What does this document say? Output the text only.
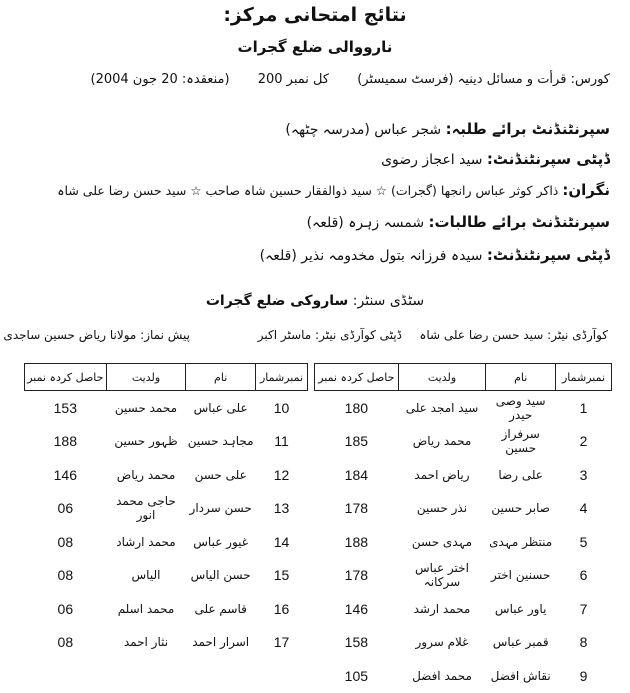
نتائج امتحانی مرکز:
نارووالی ضلع گجرات
کورس: قرأت و مسائل دینیہ (فرسٹ سمیسٹر) کل نمبر 200 (منعقدہ: 20 جون 2004)
سپرنٹنڈنٹ برائے طلبہ: شجر عباس (مدرسہ چٹھہ)
ڈپٹی سپرنٹنڈنٹ: سید اعجاز رضوی
نگران: ذاکر کوثر عباس رانجھا (گجرات) ☆ سید ذوالفقار حسین شاہ صاحب ☆ سید حسن رضا علی شاہ
سپرنٹنڈنٹ برائے طالبات: شمسہ زہرہ (قلعہ)
ڈپٹی سپرنٹنڈنٹ: سیدہ فرزانہ بتول مخدومہ نذیر (قلعہ)
سٹڈی سنٹر: ساروکی ضلع گجرات
کوآرڈی نیٹر: سید حسن رضا علی شاہ
ڈپٹی کوآرڈی نیٹر: ماسٹر اکبر
پیش نماز: مولانا ریاض حسین ساجدی
نمبرشمار	نام	ولدیت	حاصل کردہ نمبر
1	سید وصی حیدر	سید امجد علی	180
2	سرفراز حسین	محمد ریاض	185
3	علی رضا	ریاض احمد	184
4	صابر حسین	نذر حسین	178
5	منتظر مہدی	مہدی حسن	188
6	حسنین اختر	اختر عباس سرکانہ	178
7	یاور عباس	محمد ارشد	146
8	قمبر عباس	غلام سرور	158
9	نقاش افضل	محمد افضل	105
نمبرشمار	نام	ولدیت	حاصل کردہ نمبر
10	علی عباس	محمد حسین	153
11	مجاہد حسین	ظہور حسین	188
12	علی حسن	محمد ریاض	146
13	حسن سردار	حاجی محمد انور	06
14	غیور عباس	محمد ارشاد	08
15	حسن الیاس	الیاس	08
16	قاسم علی	محمد اسلم	06
17	اسرار احمد	نثار احمد	08
